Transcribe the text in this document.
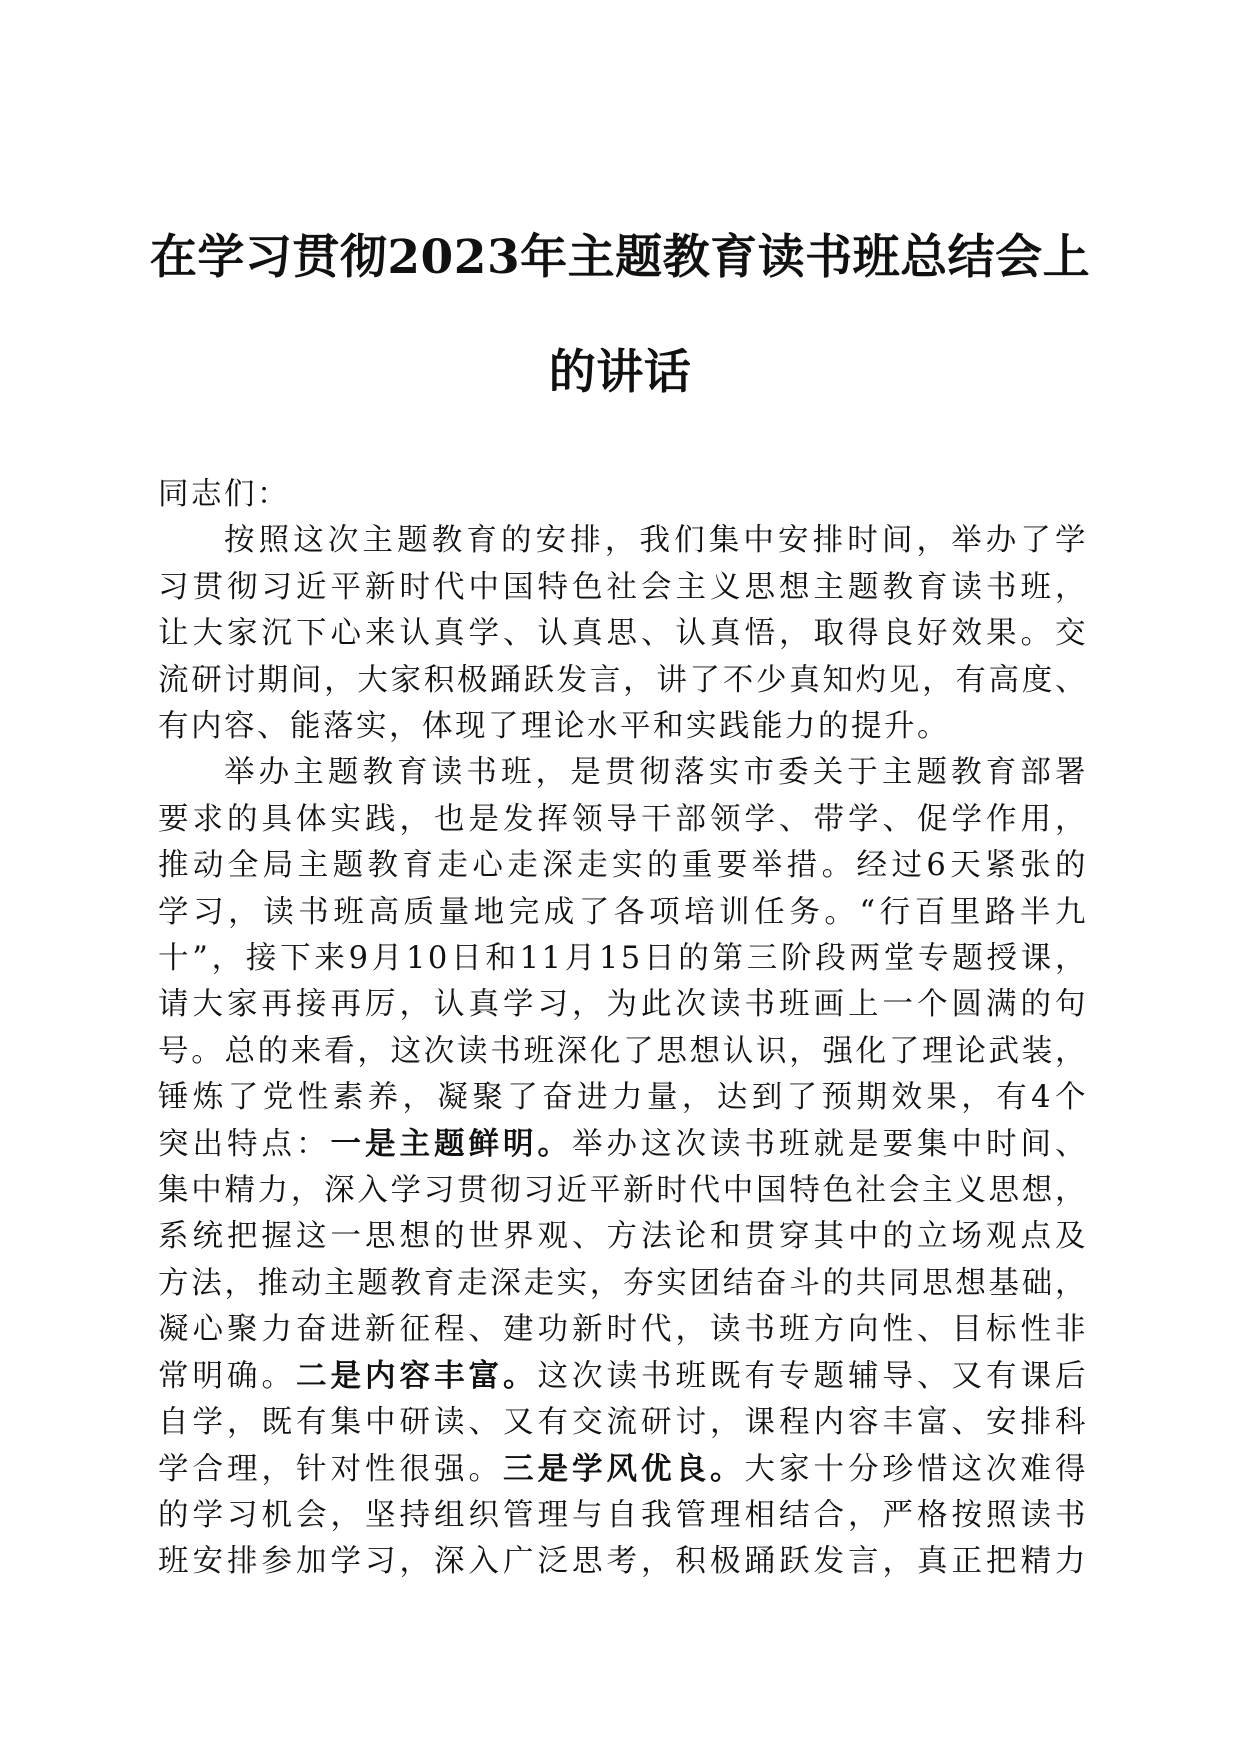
在学习贯彻2023年主题教育读书班总结会上
的讲话
同志们：
按照这次主题教育的安排，我们集中安排时间，举办了学
习贯彻习近平新时代中国特色社会主义思想主题教育读书班，
让大家沉下心来认真学、认真思、认真悟，取得良好效果。交
流研讨期间，大家积极踊跃发言，讲了不少真知灼见，有高度、
有内容、能落实，体现了理论水平和实践能力的提升。
举办主题教育读书班，是贯彻落实市委关于主题教育部署
要求的具体实践，也是发挥领导干部领学、带学、促学作用，
推动全局主题教育走心走深走实的重要举措。经过6天紧张的
学习，读书班高质量地完成了各项培训任务。“行百里路半九
十”，接下来9月10日和11月15日的第三阶段两堂专题授课，
请大家再接再厉，认真学习，为此次读书班画上一个圆满的句
号。总的来看，这次读书班深化了思想认识，强化了理论武装，
锤炼了党性素养，凝聚了奋进力量，达到了预期效果，有4个
突出特点：一是主题鲜明。举办这次读书班就是要集中时间、
集中精力，深入学习贯彻习近平新时代中国特色社会主义思想，
系统把握这一思想的世界观、方法论和贯穿其中的立场观点及
方法，推动主题教育走深走实，夯实团结奋斗的共同思想基础，
凝心聚力奋进新征程、建功新时代，读书班方向性、目标性非
常明确。二是内容丰富。这次读书班既有专题辅导、又有课后
自学，既有集中研读、又有交流研讨，课程内容丰富、安排科
学合理，针对性很强。三是学风优良。大家十分珍惜这次难得
的学习机会，坚持组织管理与自我管理相结合，严格按照读书
班安排参加学习，深入广泛思考，积极踊跃发言，真正把精力
